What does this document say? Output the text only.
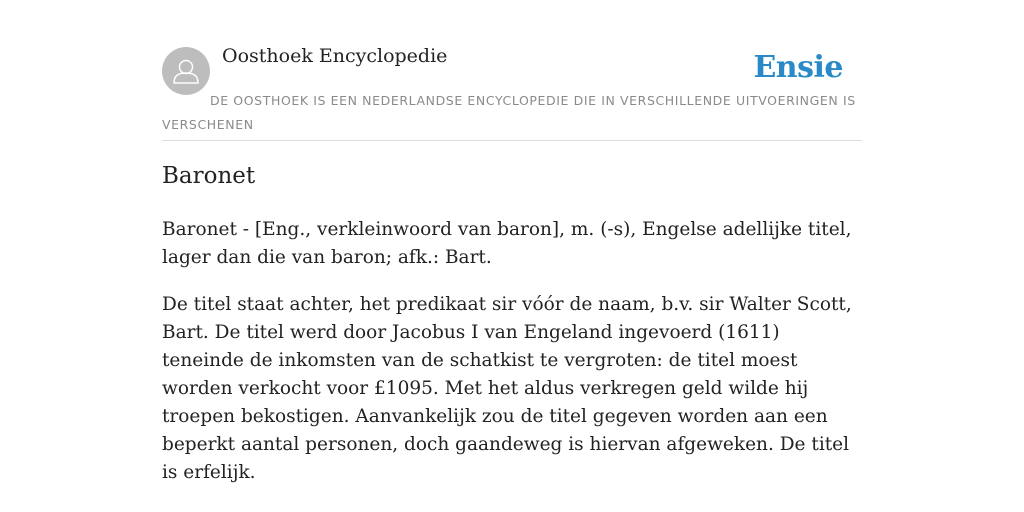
Oosthoek Encyclopedie	Ensie
DE OOSTHOEK IS EEN NEDERLANDSE ENCYCLOPEDIE DIE IN VERSCHILLENDE UITVOERINGEN IS VERSCHENEN
Baronet
Baronet - [Eng., verkleinwoord van baron], m. (-s), Engelse adellijke titel, lager dan die van baron; afk.: Bart.
De titel staat achter, het predikaat sir vóór de naam, b.v. sir Walter Scott, Bart. De titel werd door Jacobus I van Engeland ingevoerd (1611) teneinde de inkomsten van de schatkist te vergroten: de titel moest worden verkocht voor £1095. Met het aldus verkregen geld wilde hij troepen bekostigen. Aanvankelijk zou de titel gegeven worden aan een beperkt aantal personen, doch gaandeweg is hiervan afgeweken. De titel is erfelijk.
